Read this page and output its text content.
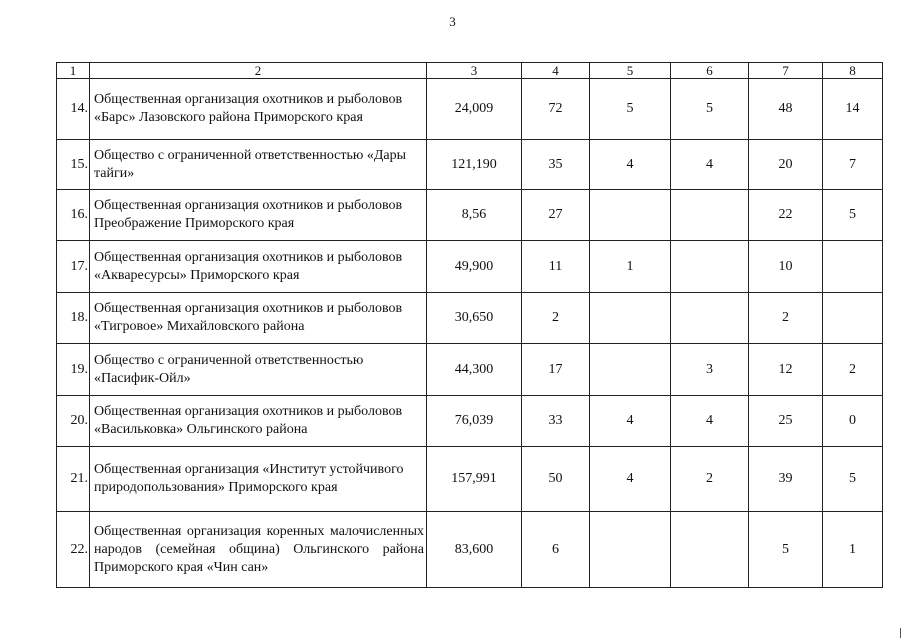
3
1	2	3	4	5	6	7	8
14.	Общественная организация охотников и рыболовов «Барс» Лазовского района Приморского края	24,009	72	5	5	48	14
15.	Общество с ограниченной ответственностью «Дары тайги»	121,190	35	4	4	20	7
16.	Общественная организация охотников и рыболовов Преображение Приморского края	8,56	27			22	5
17.	Общественная организация охотников и рыболовов «Акваресурсы» Приморского края	49,900	11	1		10	
18.	Общественная организация охотников и рыболовов «Тигровое» Михайловского района	30,650	2			2	
19.	Общество с ограниченной ответственностью «Пасифик-Ойл»	44,300	17		3	12	2
20.	Общественная организация охотников и рыболовов «Васильковка» Ольгинского района	76,039	33	4	4	25	0
21.	Общественная организация «Институт устойчивого природопользования» Приморского края	157,991	50	4	2	39	5
22.	Общественная организация коренных малочисленных народов (семейная община) Ольгинского района Приморского края «Чин сан»	83,600	6			5	1
